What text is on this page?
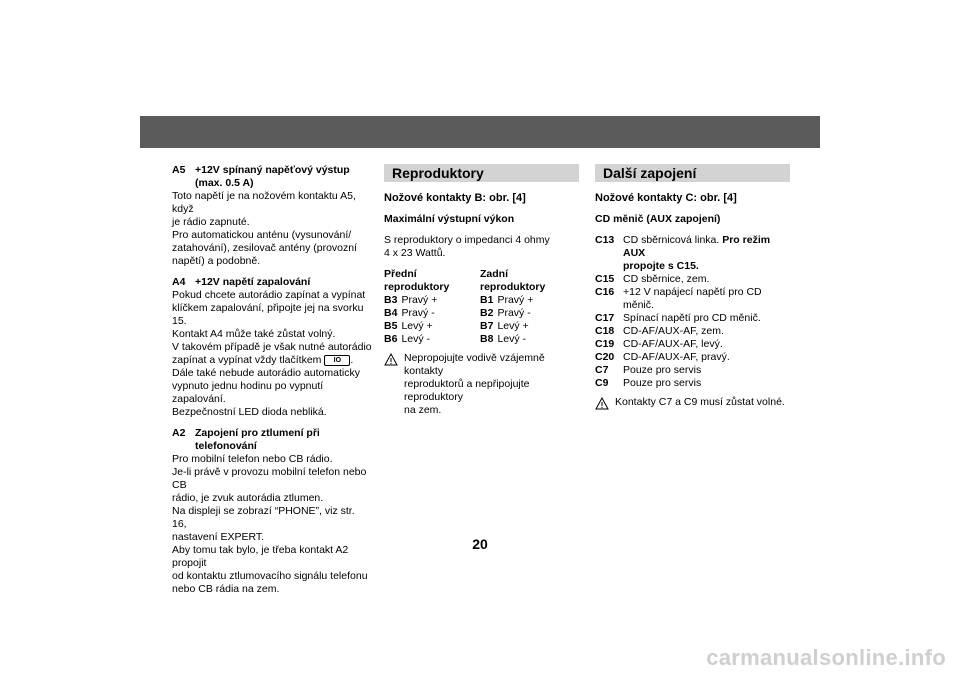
A5 +12V spínaný napěťový výstup
(max. 0.5 A)

Toto napětí je na nožovém kontaktu A5, když
je rádio zapnuté.
Pro automatickou anténu (vysunování/
zatahování), zesilovač antény (provozní
napětí) a podobně.

A4 +12V napětí zapalování

Pokud chcete autorádio zapínat a vypínat
klíčkem zapalování, připojte jej na svorku 15.
Kontakt A4 může také zůstat volný.
V takovém případě je však nutné autorádio
zapínat a vypínat vždy tlačítkem IO .
Dále také nebude autorádio automaticky
vypnuto jednu hodinu po vypnutí zapalování.
Bezpečnostní LED dioda nebliká.

A2 Zapojení pro ztlumení při
telefonování

Pro mobilní telefon nebo CB rádio.
Je-li právě v provozu mobilní telefon nebo CB
rádio, je zvuk autorádia ztlumen.
Na displeji se zobrazí “PHONE”, viz str. 16,
nastavení EXPERT.
Aby tomu tak bylo, je třeba kontakt A2 propojit
od kontaktu ztlumovacího signálu telefonu
nebo CB rádia na zem.

Reproduktory
Nožové kontakty B: obr. [4]
Maximální výstupní výkon

S reproduktory o impedanci 4 ohmy
4 x 23 Wattů.

Přední reproduktory
Zadní reproduktory
B3 Pravý +	B1 Pravý +
B4 Pravý -	B2 Pravý -
B5 Levý +	B7 Levý +
B6 Levý -	B8 Levý -

Nepropojujte vodivě vzájemně kontakty
reproduktorů a nepřipojujte reproduktory
na zem.

Další zapojení
Nožové kontakty C: obr. [4]
CD měnič (AUX zapojení)
C13 CD sběrnicová linka. Pro režim AUX
propojte s C15.
C15 CD sběrnice, zem.
C16 +12 V napájecí napětí pro CD měnič.
C17 Spínací napětí pro CD měnič.
C18 CD-AF/AUX-AF, zem.
C19 CD-AF/AUX-AF, levý.
C20 CD-AF/AUX-AF, pravý.
C7	Pouze pro servis
C9	Pouze pro servis
Kontakty C7 a C9 musí zůstat volné.
20
carmanualsonline.info
